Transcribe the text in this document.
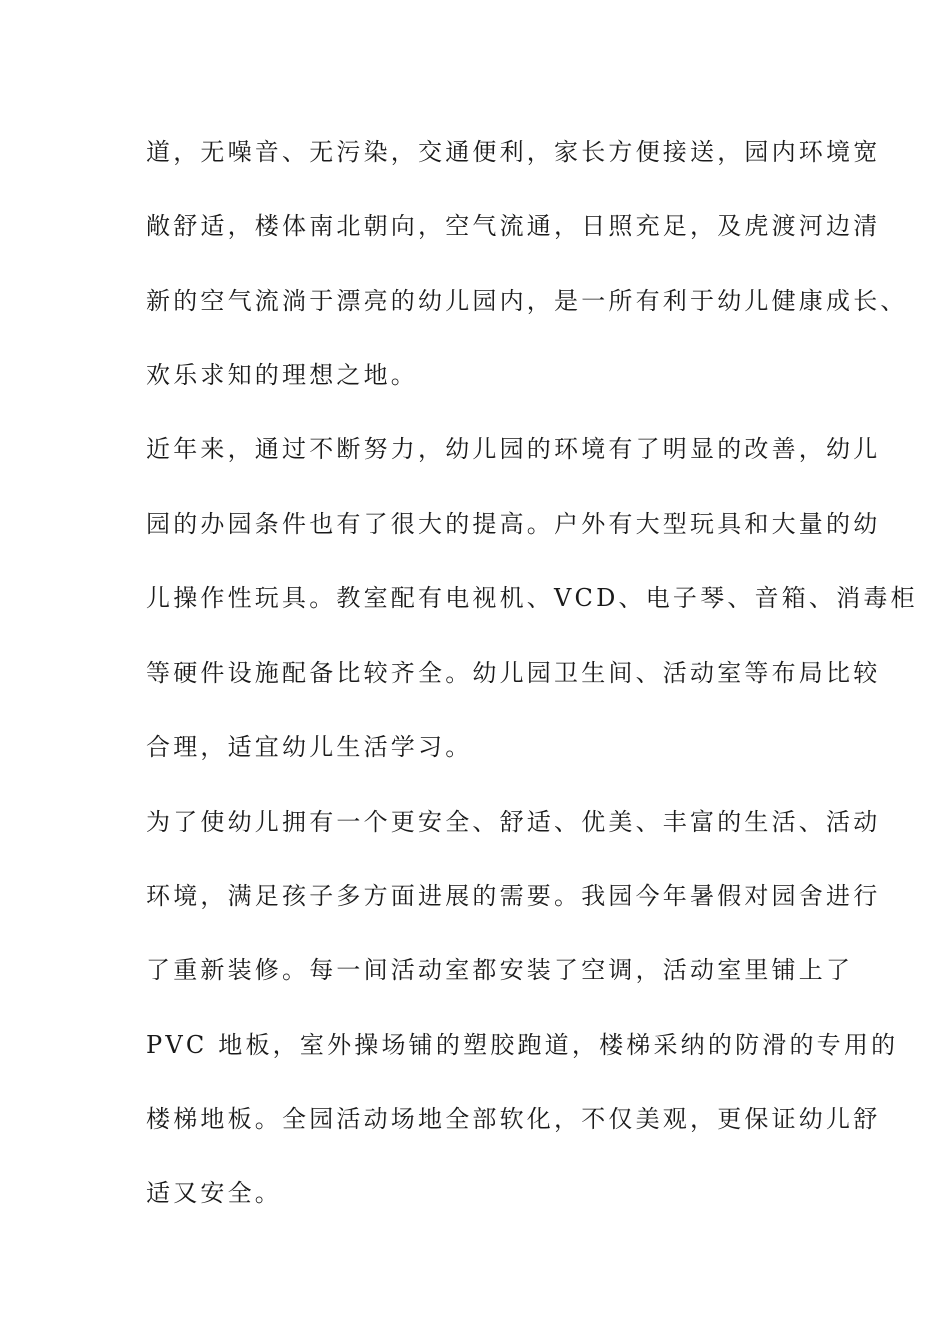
道，无噪音、无污染，交通便利，家长方便接送，园内环境宽
敞舒适，楼体南北朝向，空气流通，日照充足，及虎渡河边清
新的空气流淌于漂亮的幼儿园内，是一所有利于幼儿健康成长、
欢乐求知的理想之地。
近年来，通过不断努力，幼儿园的环境有了明显的改善，幼儿
园的办园条件也有了很大的提高。户外有大型玩具和大量的幼
儿操作性玩具。教室配有电视机、VCD、电子琴、音箱、消毒柜
等硬件设施配备比较齐全。幼儿园卫生间、活动室等布局比较
合理，适宜幼儿生活学习。
为了使幼儿拥有一个更安全、舒适、优美、丰富的生活、活动
环境，满足孩子多方面进展的需要。我园今年暑假对园舍进行
了重新装修。每一间活动室都安装了空调，活动室里铺上了
PVC 地板，室外操场铺的塑胶跑道，楼梯采纳的防滑的专用的
楼梯地板。全园活动场地全部软化，不仅美观，更保证幼儿舒
适又安全。
